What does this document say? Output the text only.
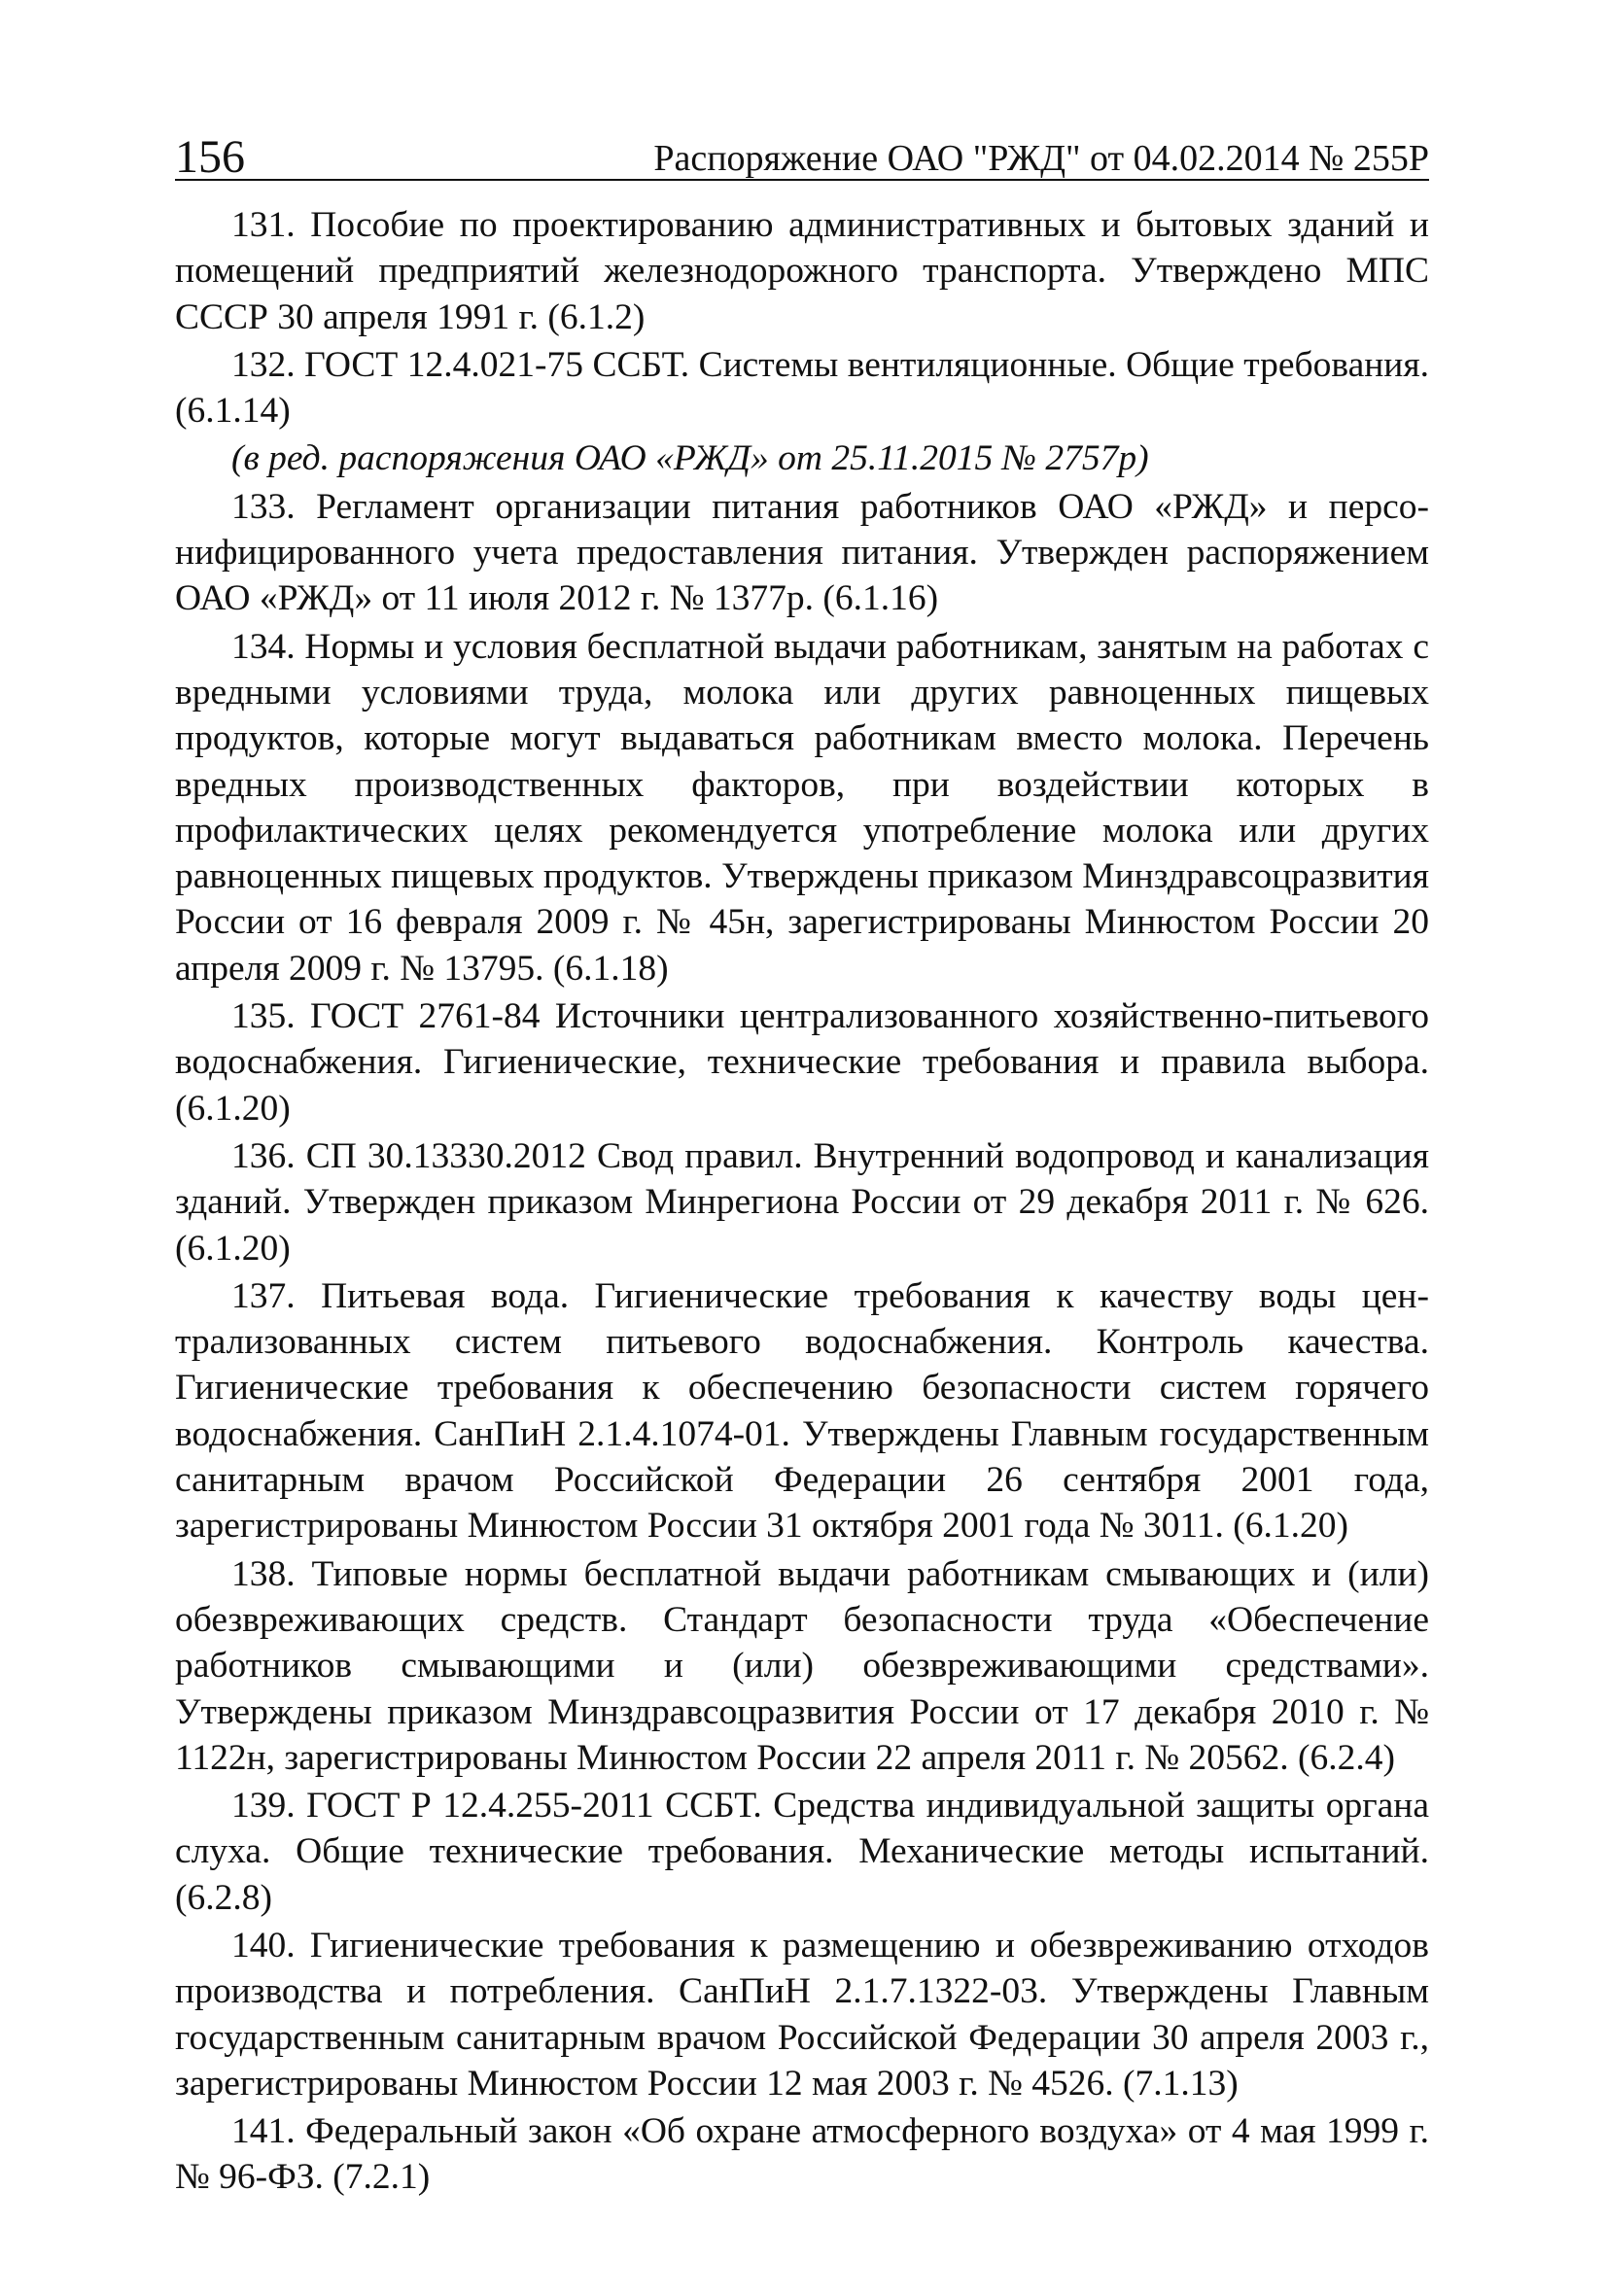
156	Распоряжение ОАО "РЖД" от 04.02.2014 № 255Р

131. Пособие по проектированию административных и бытовых зданий и помещений предприятий железнодорожного транспорта. Утверждено МПС СССР 30 апреля 1991 г. (6.1.2)

132. ГОСТ 12.4.021-75 ССБТ. Системы вентиляционные. Общие требования. (6.1.14)

(в ред. распоряжения ОАО «РЖД» от 25.11.2015 № 2757р)

133. Регламент организации питания работников ОАО «РЖД» и персонифицированного учета предоставления питания. Утвержден распоряжением ОАО «РЖД» от 11 июля 2012 г. № 1377р. (6.1.16)

134. Нормы и условия бесплатной выдачи работникам, занятым на работах с вредными условиями труда, молока или других равноценных пищевых продуктов, которые могут выдаваться работникам вместо молока. Перечень вредных производственных факторов, при воздействии которых в профилактических целях рекомендуется употребление молока или других равноценных пищевых продуктов. Утверждены приказом Минздравсоцразвития России от 16 февраля 2009 г. № 45н, зарегистрированы Минюстом России 20 апреля 2009 г. № 13795. (6.1.18)

135. ГОСТ 2761-84 Источники централизованного хозяйственно-питьевого водоснабжения. Гигиенические, технические требования и правила выбора. (6.1.20)

136. СП 30.13330.2012 Свод правил. Внутренний водопровод и канализация зданий. Утвержден приказом Минрегиона России от 29 декабря 2011 г. № 626. (6.1.20)

137. Питьевая вода. Гигиенические требования к качеству воды централизованных систем питьевого водоснабжения. Контроль качества. Гигиенические требования к обеспечению безопасности систем горячего водоснабжения. СанПиН 2.1.4.1074-01. Утверждены Главным государственным санитарным врачом Российской Федерации 26 сентября 2001 года, зарегистрированы Минюстом России 31 октября 2001 года № 3011. (6.1.20)

138. Типовые нормы бесплатной выдачи работникам смывающих и (или) обезвреживающих средств. Стандарт безопасности труда «Обеспечение работников смывающими и (или) обезвреживающими средствами». Утверждены приказом Минздравсоцразвития России от 17 декабря 2010 г. № 1122н, зарегистрированы Минюстом России 22 апреля 2011 г. № 20562. (6.2.4)

139. ГОСТ Р 12.4.255-2011 ССБТ. Средства индивидуальной защиты органа слуха. Общие технические требования. Механические методы испытаний. (6.2.8)

140. Гигиенические требования к размещению и обезвреживанию отходов производства и потребления. СанПиН 2.1.7.1322-03. Утверждены Главным государственным санитарным врачом Российской Федерации 30 апреля 2003 г., зарегистрированы Минюстом России 12 мая 2003 г. № 4526. (7.1.13)

141. Федеральный закон «Об охране атмосферного воздуха» от 4 мая 1999 г. № 96-ФЗ. (7.2.1)
